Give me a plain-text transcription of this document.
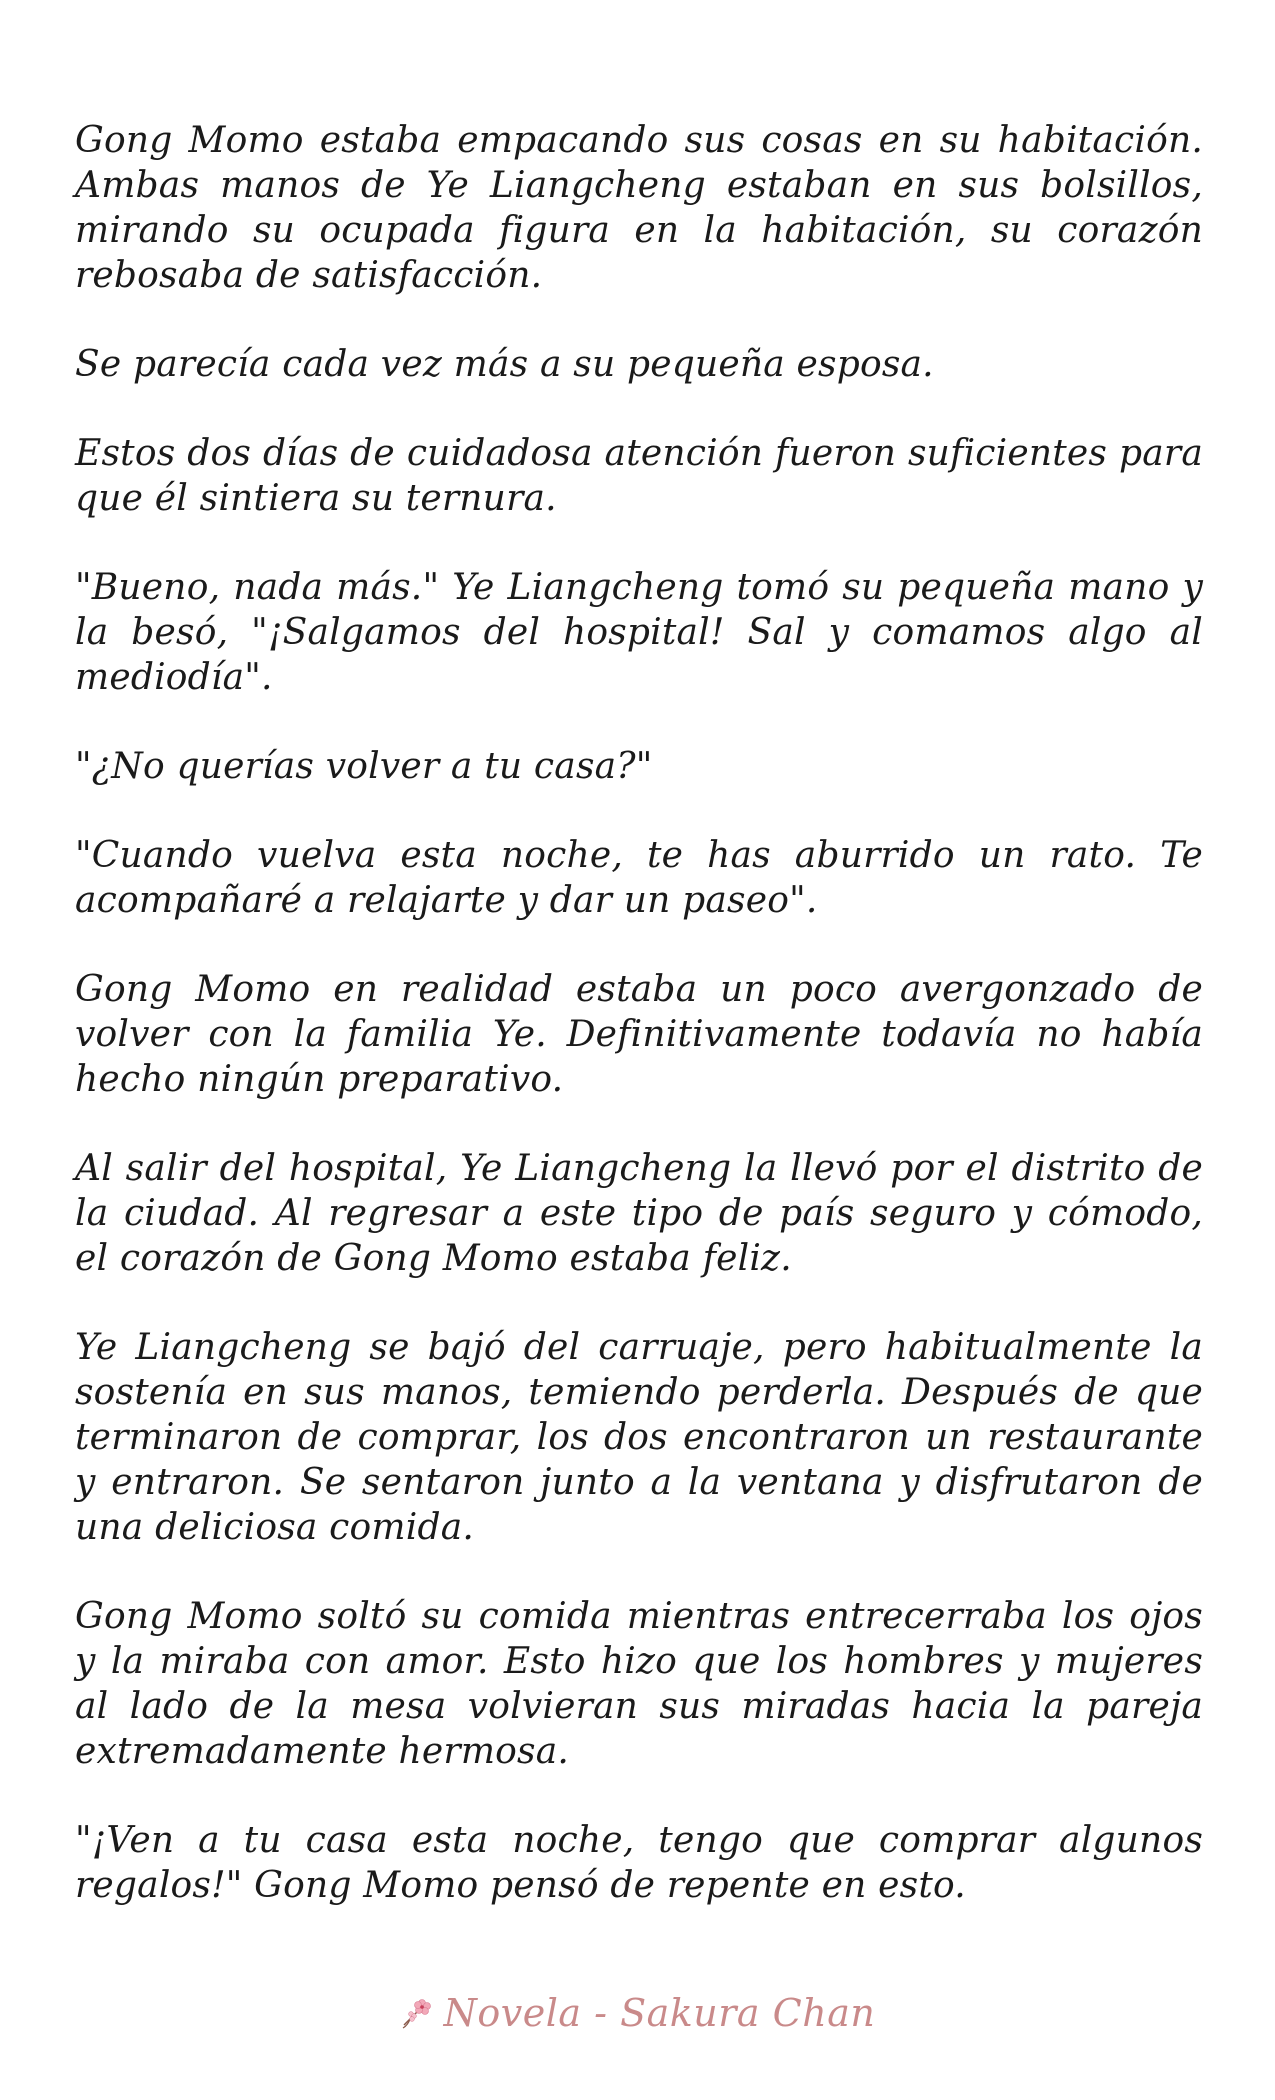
Gong Momo estaba empacando sus cosas en su habitación. Ambas manos de Ye Liangcheng estaban en sus bolsillos, mirando su ocupada figura en la habitación, su corazón rebosaba de satisfacción.

Se parecía cada vez más a su pequeña esposa.

Estos dos días de cuidadosa atención fueron suficientes para que él sintiera su ternura.

"Bueno, nada más." Ye Liangcheng tomó su pequeña mano y la besó, "¡Salgamos del hospital! Sal y comamos algo al mediodía".

"¿No querías volver a tu casa?"

"Cuando vuelva esta noche, te has aburrido un rato. Te acompañaré a relajarte y dar un paseo".

Gong Momo en realidad estaba un poco avergonzado de volver con la familia Ye. Definitivamente todavía no había hecho ningún preparativo.

Al salir del hospital, Ye Liangcheng la llevó por el distrito de la ciudad. Al regresar a este tipo de país seguro y cómodo, el corazón de Gong Momo estaba feliz.

Ye Liangcheng se bajó del carruaje, pero habitualmente la sostenía en sus manos, temiendo perderla. Después de que terminaron de comprar, los dos encontraron un restaurante y entraron. Se sentaron junto a la ventana y disfrutaron de una deliciosa comida.

Gong Momo soltó su comida mientras entrecerraba los ojos y la miraba con amor. Esto hizo que los hombres y mujeres al lado de la mesa volvieran sus miradas hacia la pareja extremadamente hermosa.

"¡Ven a tu casa esta noche, tengo que comprar algunos regalos!" Gong Momo pensó de repente en esto.

Novela - Sakura Chan
